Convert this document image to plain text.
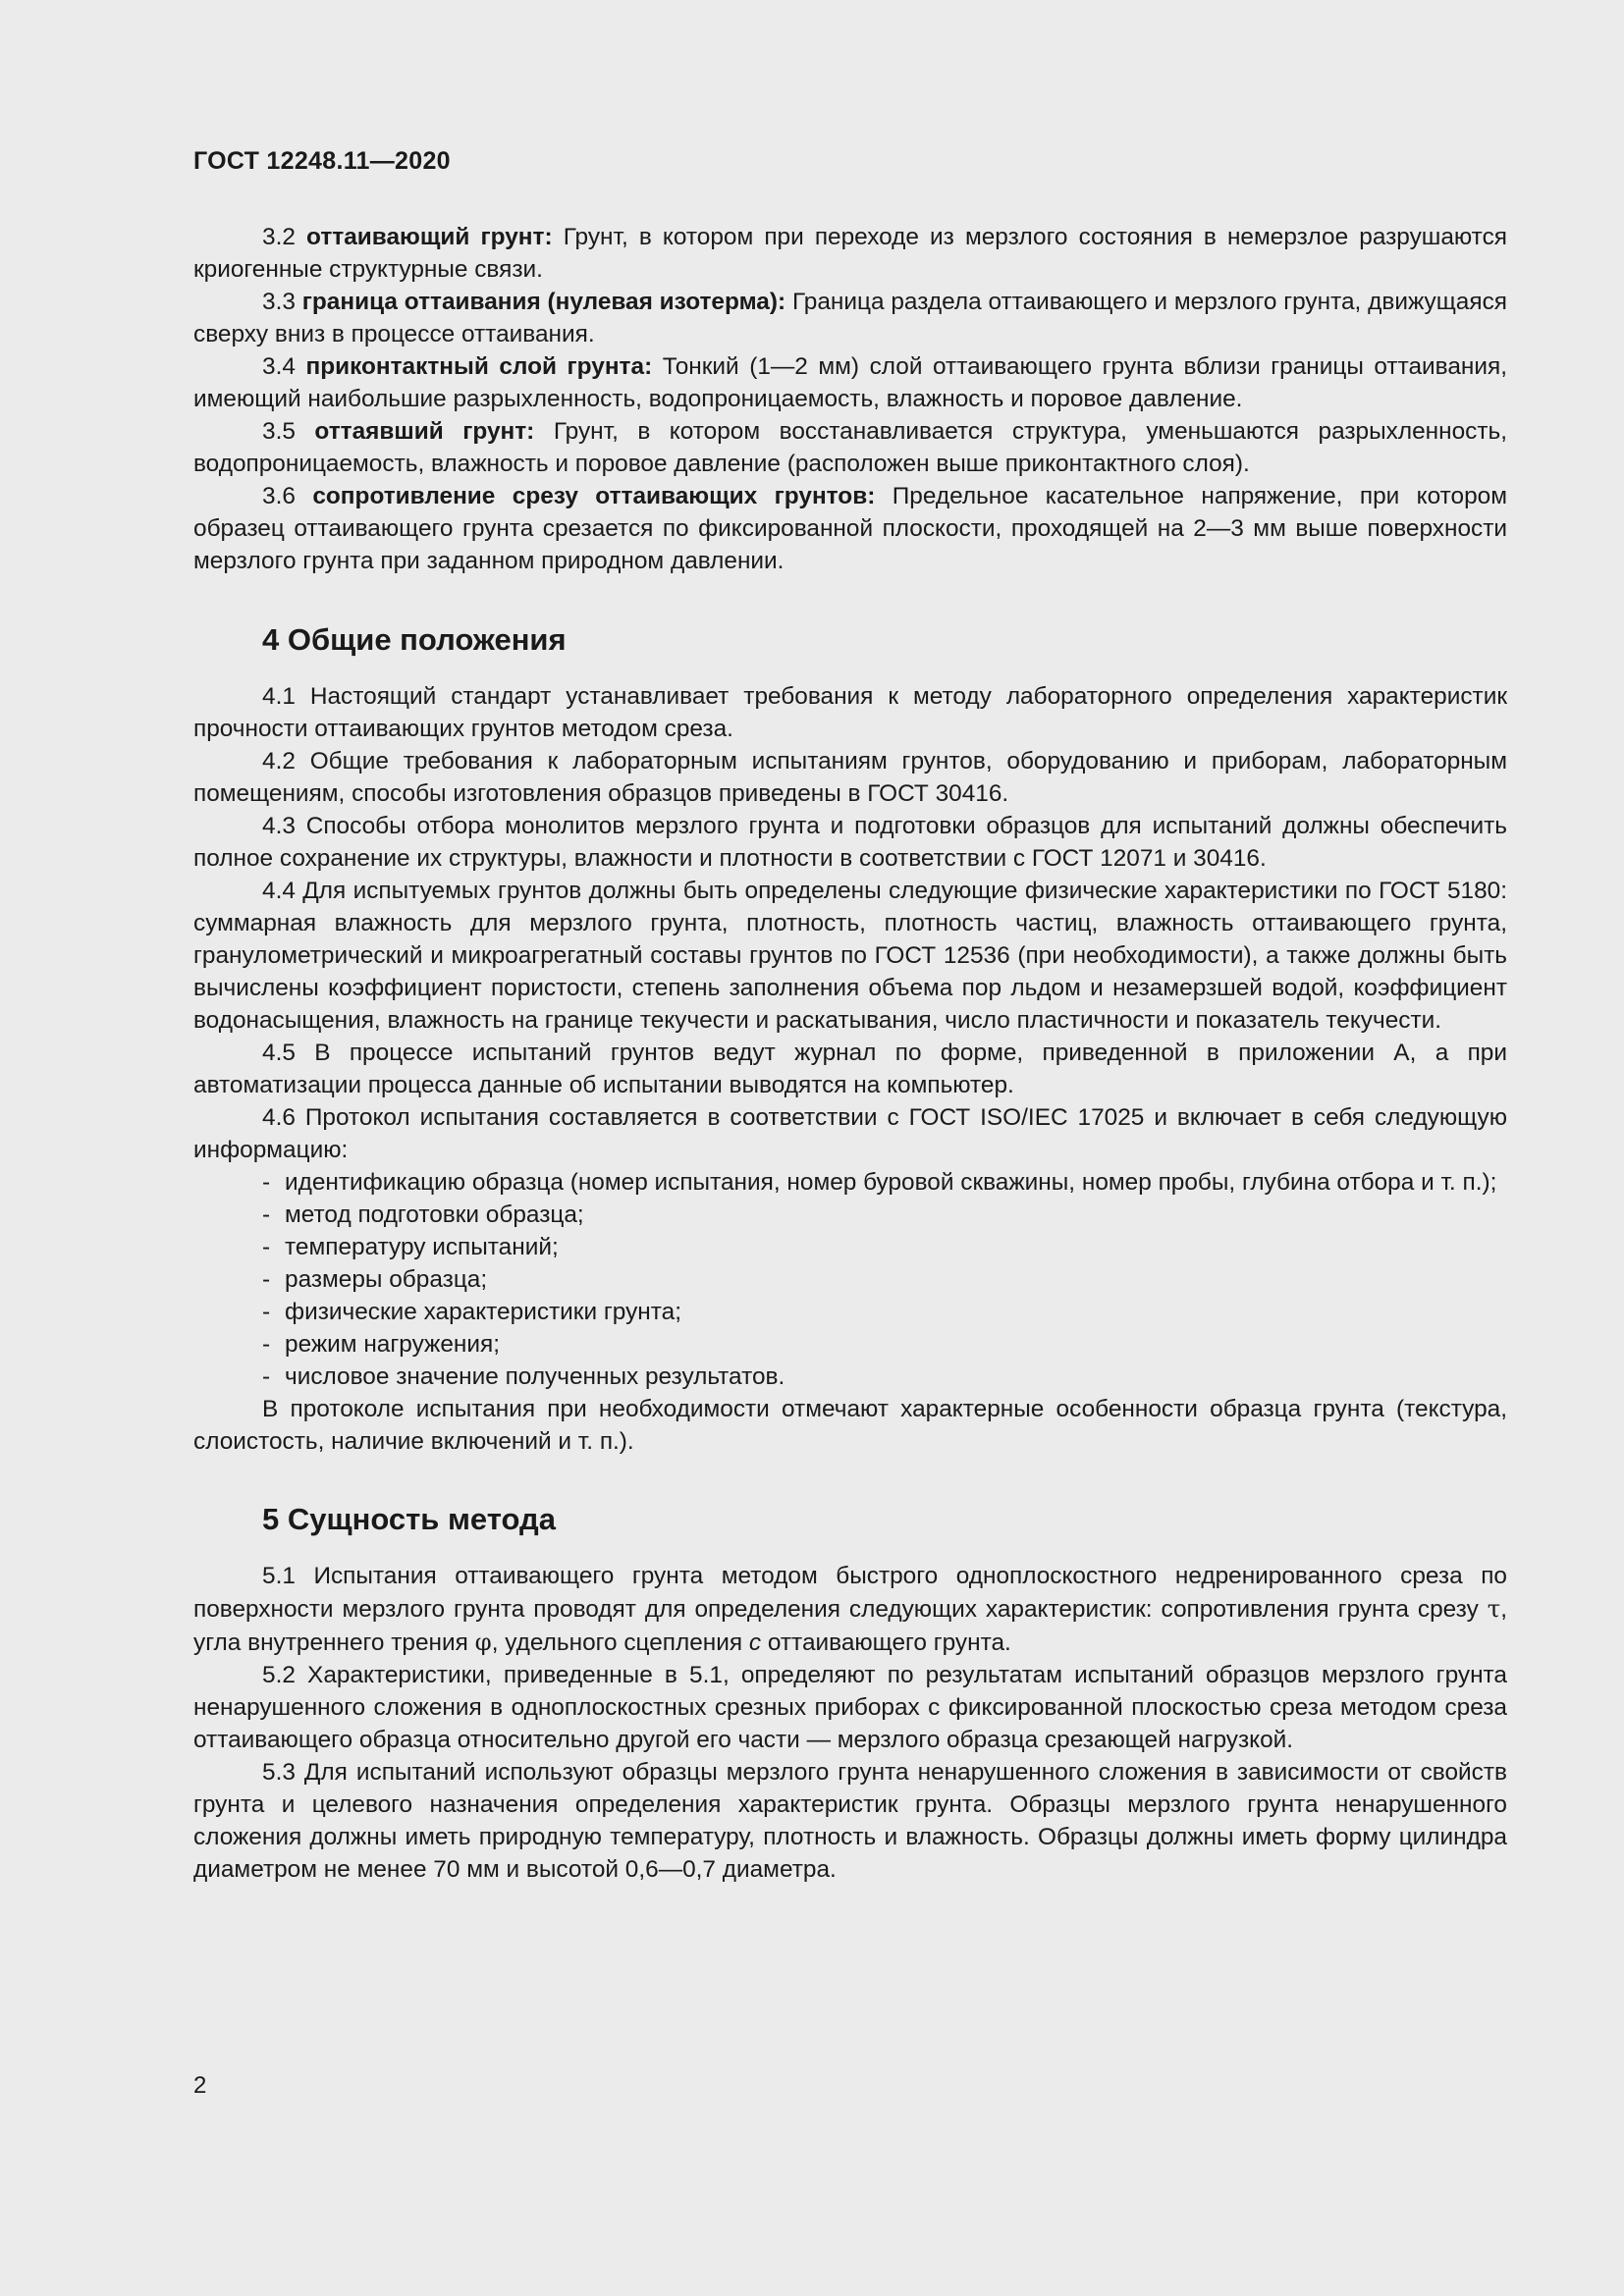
ГОСТ 12248.11—2020

3.2 оттаивающий грунт: Грунт, в котором при переходе из мерзлого состояния в немерзлое разрушаются криогенные структурные связи.

3.3 граница оттаивания (нулевая изотерма): Граница раздела оттаивающего и мерзлого грунта, движущаяся сверху вниз в процессе оттаивания.

3.4 приконтактный слой грунта: Тонкий (1—2 мм) слой оттаивающего грунта вблизи границы оттаивания, имеющий наибольшие разрыхленность, водопроницаемость, влажность и поровое давление.

3.5 оттаявший грунт: Грунт, в котором восстанавливается структура, уменьшаются разрыхленность, водопроницаемость, влажность и поровое давление (расположен выше приконтактного слоя).

3.6 сопротивление срезу оттаивающих грунтов: Предельное касательное напряжение, при котором образец оттаивающего грунта срезается по фиксированной плоскости, проходящей на 2—3 мм выше поверхности мерзлого грунта при заданном природном давлении.

4 Общие положения

4.1 Настоящий стандарт устанавливает требования к методу лабораторного определения характеристик прочности оттаивающих грунтов методом среза.

4.2 Общие требования к лабораторным испытаниям грунтов, оборудованию и приборам, лабораторным помещениям, способы изготовления образцов приведены в ГОСТ 30416.

4.3 Способы отбора монолитов мерзлого грунта и подготовки образцов для испытаний должны обеспечить полное сохранение их структуры, влажности и плотности в соответствии с ГОСТ 12071 и 30416.

4.4 Для испытуемых грунтов должны быть определены следующие физические характеристики по ГОСТ 5180: суммарная влажность для мерзлого грунта, плотность, плотность частиц, влажность оттаивающего грунта, гранулометрический и микроагрегатный составы грунтов по ГОСТ 12536 (при необходимости), а также должны быть вычислены коэффициент пористости, степень заполнения объема пор льдом и незамерзшей водой, коэффициент водонасыщения, влажность на границе текучести и раскатывания, число пластичности и показатель текучести.

4.5 В процессе испытаний грунтов ведут журнал по форме, приведенной в приложении А, а при автоматизации процесса данные об испытании выводятся на компьютер.

4.6 Протокол испытания составляется в соответствии с ГОСТ ISO/IEC 17025 и включает в себя следующую информацию:

- идентификацию образца (номер испытания, номер буровой скважины, номер пробы, глубина отбора и т. п.);
- метод подготовки образца;
- температуру испытаний;
- размеры образца;
- физические характеристики грунта;
- режим нагружения;
- числовое значение полученных результатов.

В протоколе испытания при необходимости отмечают характерные особенности образца грунта (текстура, слоистость, наличие включений и т. п.).

5 Сущность метода

5.1 Испытания оттаивающего грунта методом быстрого одноплоскостного недренированного среза по поверхности мерзлого грунта проводят для определения следующих характеристик: сопротивления грунта срезу τ, угла внутреннего трения φ, удельного сцепления c оттаивающего грунта.

5.2 Характеристики, приведенные в 5.1, определяют по результатам испытаний образцов мерзлого грунта ненарушенного сложения в одноплоскостных срезных приборах с фиксированной плоскостью среза методом среза оттаивающего образца относительно другой его части — мерзлого образца срезающей нагрузкой.

5.3 Для испытаний используют образцы мерзлого грунта ненарушенного сложения в зависимости от свойств грунта и целевого назначения определения характеристик грунта. Образцы мерзлого грунта ненарушенного сложения должны иметь природную температуру, плотность и влажность. Образцы должны иметь форму цилиндра диаметром не менее 70 мм и высотой 0,6—0,7 диаметра.

2
